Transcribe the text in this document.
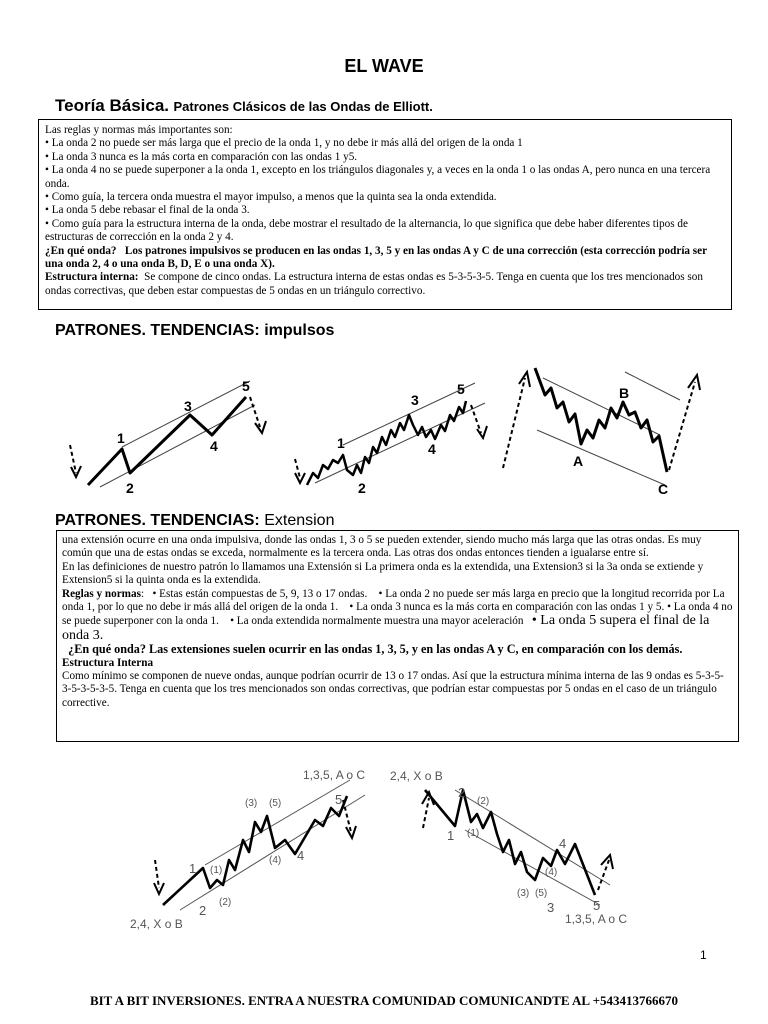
EL WAVE
Teoría Básica. Patrones Clásicos de las Ondas de Elliott.

Las reglas y normas más importantes son:

• La onda 2 no puede ser más larga que el precio de la onda 1, y no debe ir más allá del origen de la onda 1

• La onda 3 nunca es la más corta en comparación con las ondas 1 y5.

• La onda 4 no se puede superponer a la onda 1, excepto en los triángulos diagonales y, a veces en la onda 1 o las ondas A, pero nunca en una tercera onda.

• Como guía, la tercera onda muestra el mayor impulso, a menos que la quinta sea la onda extendida.

• La onda 5 debe rebasar el final de la onda 3.

• Como guía para la estructura interna de la onda, debe mostrar el resultado de la alternancia, lo que significa que debe haber diferentes tipos de estructuras de corrección en la onda 2 y 4.

¿En qué onda? Los patrones impulsivos se producen en las ondas 1, 3, 5 y en las ondas A y C de una corrección (esta corrección podría ser una onda 2, 4 o una onda B, D, E o una onda X).

Estructura interna: Se compone de cinco ondas. La estructura interna de estas ondas es 5-3-5-3-5. Tenga en cuenta que los tres mencionados son ondas correctivas, que deben estar compuestas de 5 ondas en un triángulo correctivo.

PATRONES. TENDENCIAS: impulsos
1
2
3
4
5
1
2
3
4
5
A
B
C
PATRONES. TENDENCIAS: Extension

una extensión ocurre en una onda impulsiva, donde las ondas 1, 3 o 5 se pueden extender, siendo mucho más larga que las otras ondas. Es muy común que una de estas ondas se exceda, normalmente es la tercera onda. Las otras dos ondas entonces tienden a igualarse entre sí.

En las definiciones de nuestro patrón lo llamamos una Extensión si La primera onda es la extendida, una Extension3 si la 3a onda se extiende y Extension5 si la quinta onda es la extendida.

Reglas y normas:   • Estas están compuestas de 5, 9, 13 o 17 ondas. • La onda 2 no puede ser más larga en precio que la longitud recorrida por La onda 1, por lo que no debe ir más allá del origen de la onda 1. • La onda 3 nunca es la más corta en comparación con las ondas 1 y 5. • La onda 4 no se puede superponer con la onda 1. • La onda extendida normalmente muestra una mayor aceleración • La onda 5 supera el final de la onda 3.

¿En qué onda? Las extensiones suelen ocurrir en las ondas 1, 3, 5, y en las ondas A y C, en comparación con los demás.

Estructura Interna

Como mínimo se componen de nueve ondas, aunque podrían ocurrir de 13 o 17 ondas. Así que la estructura mínima interna de las 9 ondas es 5-3-5-3-5-3-5-3-5. Tenga en cuenta que los tres mencionados son ondas correctivas, que podrían estar compuestas por 5 ondas en el caso de un triángulo corrective.

1,3,5, A o C
2,4, X o B
1
2
(3) (5)
(4)
(1)
(2)
4
5
2,4, X o B
1,3,5, A o C
2
1
(2)
(1)
(3) (5)
(4)
4
3	5
1
BIT A BIT INVERSIONES. ENTRA A NUESTRA COMUNIDAD COMUNICANDTE AL +543413766670
